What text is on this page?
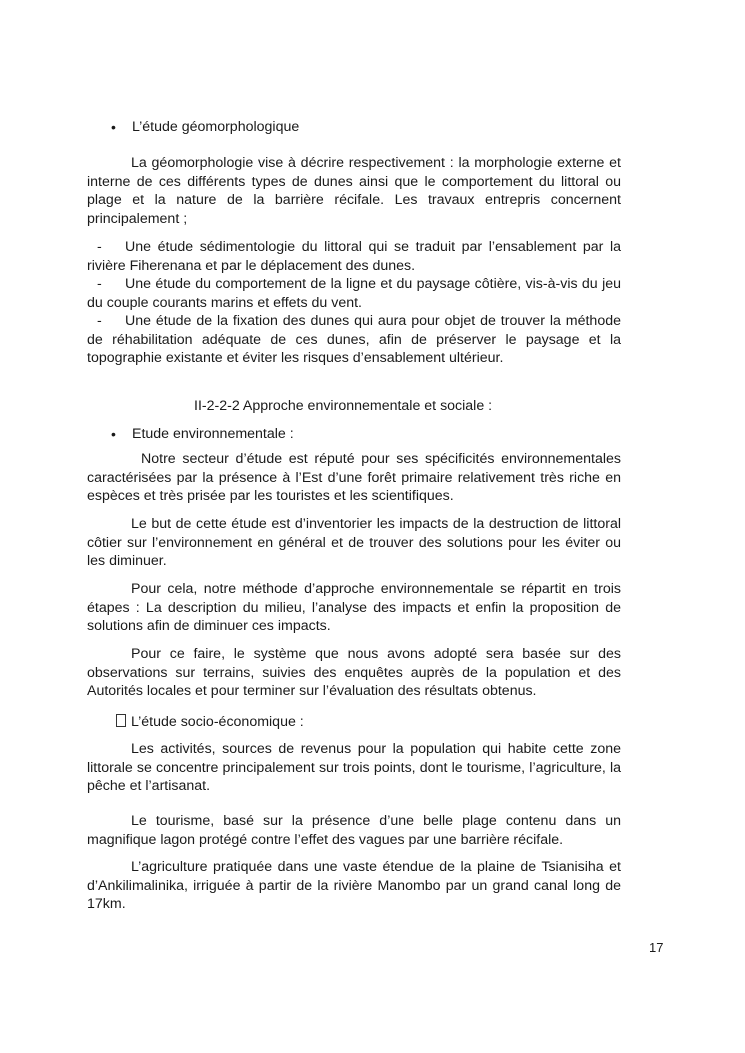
• L’étude géomorphologique

La géomorphologie vise à décrire respectivement : la morphologie externe et interne de ces différents types de dunes ainsi que le comportement du littoral ou plage et la nature de la barrière récifale. Les travaux entrepris concernent principalement ;

- Une étude sédimentologie du littoral qui se traduit par l’ensablement par la rivière Fiherenana et par le déplacement des dunes.

- Une étude du comportement de la ligne et du paysage côtière, vis-à-vis du jeu du couple courants marins et effets du vent.

- Une étude de la fixation des dunes qui aura pour objet de trouver la méthode de réhabilitation adéquate de ces dunes, afin de préserver le paysage et la topographie existante et éviter les risques d’ensablement ultérieur.

II-2-2-2 Approche environnementale et sociale :
• Etude environnementale :

Notre secteur d’étude est réputé pour ses spécificités environnementales caractérisées par la présence à l’Est d’une forêt primaire relativement très riche en espèces et très prisée par les touristes et les scientifiques.

Le but de cette étude est d’inventorier les impacts de la destruction de littoral côtier sur l’environnement en général et de trouver des solutions pour les éviter ou les diminuer.

Pour cela, notre méthode d’approche environnementale se répartit en trois étapes : La description du milieu, l’analyse des impacts et enfin la proposition de solutions afin de diminuer ces impacts.

Pour ce faire, le système que nous avons adopté sera basée sur des observations sur terrains, suivies des enquêtes auprès de la population et des Autorités locales et pour terminer sur l’évaluation des résultats obtenus.

L’étude socio-économique :

Les activités, sources de revenus pour la population qui habite cette zone littorale se concentre principalement sur trois points, dont le tourisme, l’agriculture, la pêche et l’artisanat.

Le tourisme, basé sur la présence d’une belle plage contenu dans un magnifique lagon protégé contre l’effet des vagues par une barrière récifale.

L’agriculture pratiquée dans une vaste étendue de la plaine de Tsianisiha et d’Ankilimalinika, irriguée à partir de la rivière Manombo par un grand canal long de 17km.

17
